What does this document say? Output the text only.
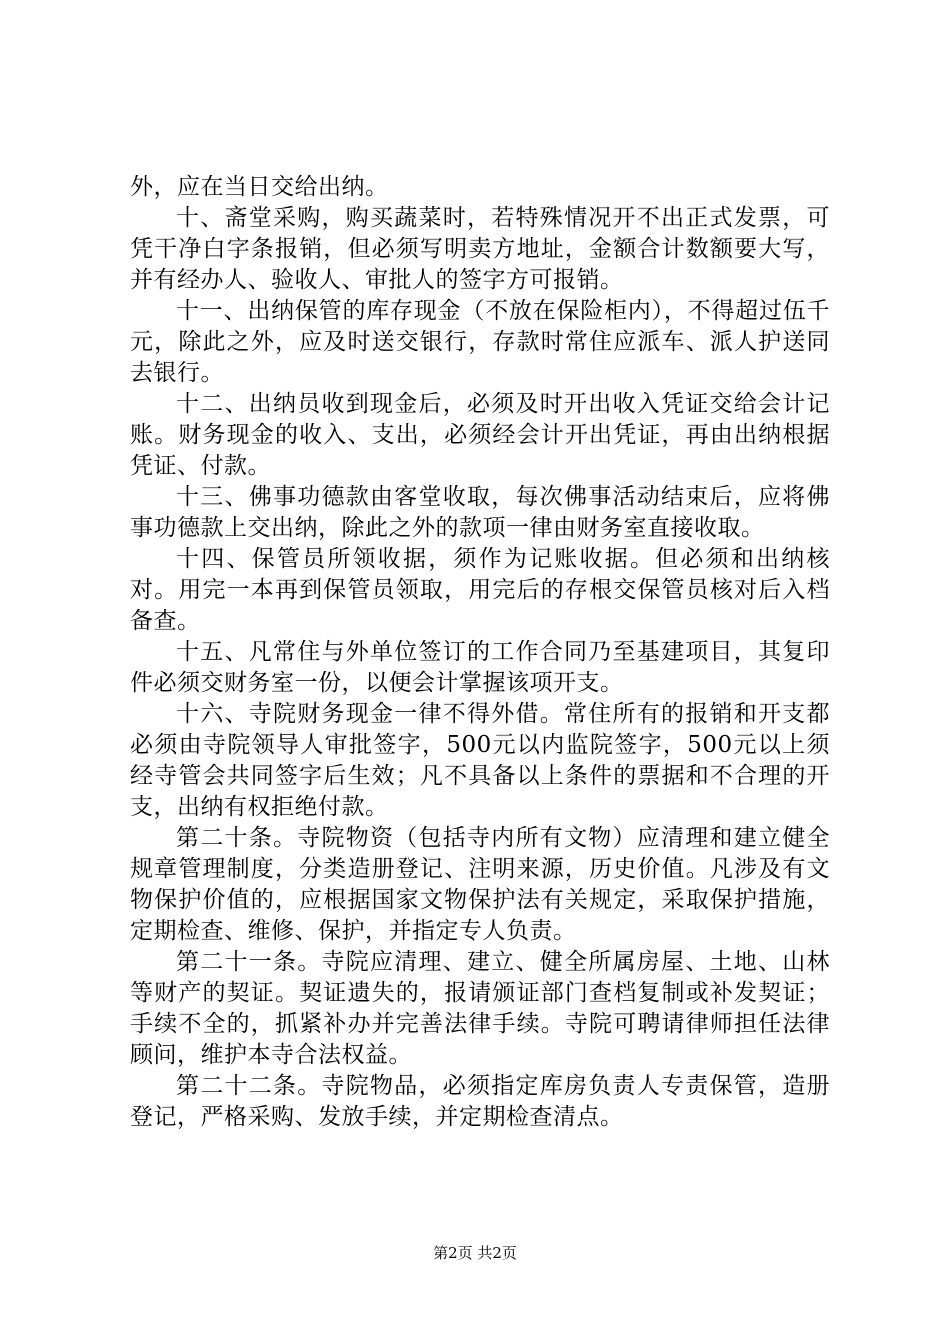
外，应在当日交给出纳。

十、斋堂采购，购买蔬菜时，若特殊情况开不出正式发票，可凭干净白字条报销，但必须写明卖方地址，金额合计数额要大写，并有经办人、验收人、审批人的签字方可报销。

十一、出纳保管的库存现金（不放在保险柜内），不得超过伍千元，除此之外，应及时送交银行，存款时常住应派车、派人护送同去银行。

十二、出纳员收到现金后，必须及时开出收入凭证交给会计记账。财务现金的收入、支出，必须经会计开出凭证，再由出纳根据凭证、付款。

十三、佛事功德款由客堂收取，每次佛事活动结束后，应将佛事功德款上交出纳，除此之外的款项一律由财务室直接收取。

十四、保管员所领收据，须作为记账收据。但必须和出纳核对。用完一本再到保管员领取，用完后的存根交保管员核对后入档备查。

十五、凡常住与外单位签订的工作合同乃至基建项目，其复印件必须交财务室一份，以便会计掌握该项开支。

十六、寺院财务现金一律不得外借。常住所有的报销和开支都必须由寺院领导人审批签字，500元以内监院签字，500元以上须经寺管会共同签字后生效；凡不具备以上条件的票据和不合理的开支，出纳有权拒绝付款。

第二十条。寺院物资（包括寺内所有文物）应清理和建立健全规章管理制度，分类造册登记、注明来源，历史价值。凡涉及有文物保护价值的，应根据国家文物保护法有关规定，采取保护措施，定期检查、维修、保护，并指定专人负责。

第二十一条。寺院应清理、建立、健全所属房屋、土地、山林等财产的契证。契证遗失的，报请颁证部门查档复制或补发契证；手续不全的，抓紧补办并完善法律手续。寺院可聘请律师担任法律顾问，维护本寺合法权益。

第二十二条。寺院物品，必须指定库房负责人专责保管，造册登记，严格采购、发放手续，并定期检查清点。

第2页 共2页
